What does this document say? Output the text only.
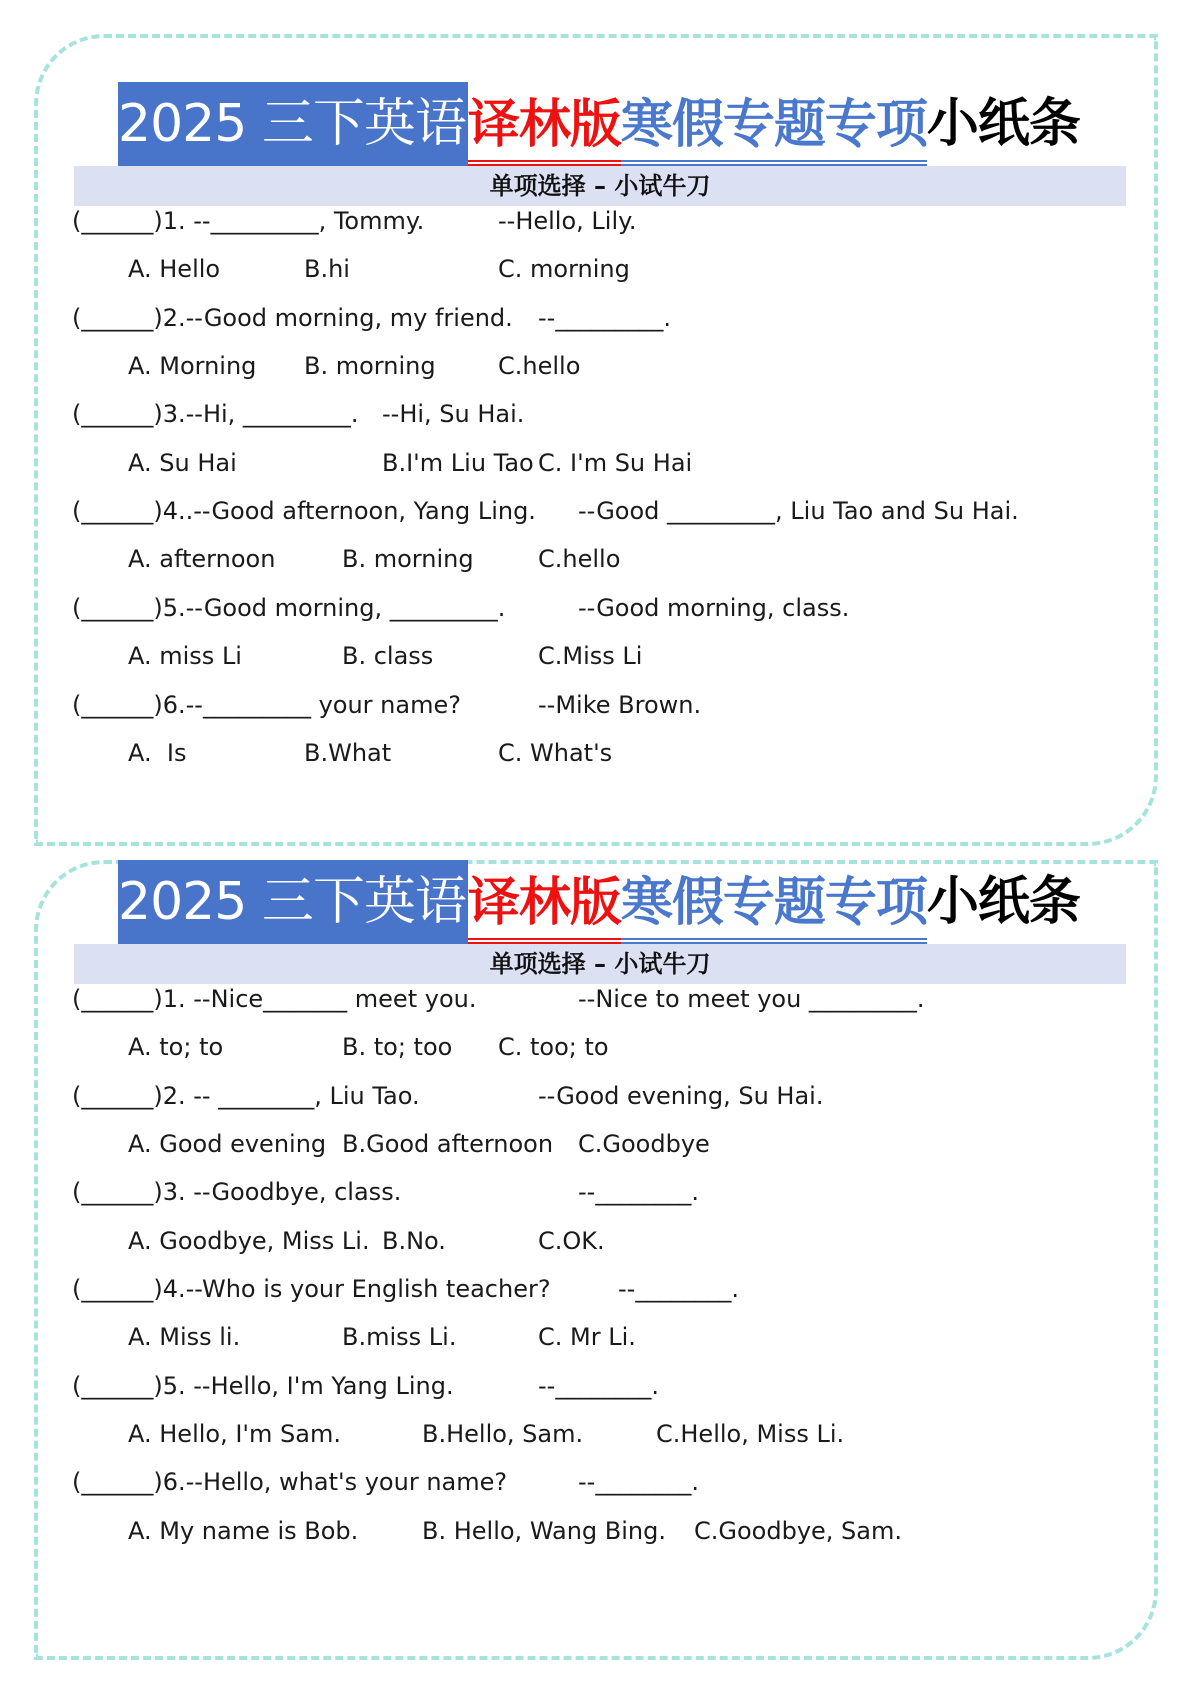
2025 三下英语 译林版 寒假专题专项 小纸条
单项选择 – 小试牛刀
(______)1. --_________, Tommy.	--Hello, Lily.
A. Hello	B.hi	C. morning
(______)2.--Good morning, my friend. --_________.
A. Morning B. morning	C.hello
(______)3.--Hi, _________. --Hi, Su Hai.
A. Su Hai	B.I'm Liu Tao C. I'm Su Hai
(______)4..--Good afternoon, Yang Ling. --Good _________, Liu Tao and Su Hai.
A. afternoon	B. morning	C.hello
(______)5.--Good morning, _________.	--Good morning, class.
A. miss Li	B. class	C.Miss Li
(______)6.--_________ your name?	--Mike Brown.
A.  Is	B.What	C. What's
2025 三下英语 译林版 寒假专题专项 小纸条
单项选择 – 小试牛刀
(______)1. --Nice_______ meet you.	--Nice to meet you _________.
A. to; to	B. to; too C. too; to
(______)2. -- ________, Liu Tao.	--Good evening, Su Hai.
A. Good evening B.Good afternoon C.Goodbye
(______)3. --Goodbye, class.	--________.
A. Goodbye, Miss Li. B.No.	C.OK.
(______)4.--Who is your English teacher?	--________.
A. Miss li.	B.miss Li.	C. Mr Li.
(______)5. --Hello, I'm Yang Ling.	--________.
A. Hello, I'm Sam.	B.Hello, Sam.	C.Hello, Miss Li.
(______)6.--Hello, what's your name?	--________.
A. My name is Bob.	B. Hello, Wang Bing. C.Goodbye, Sam.
